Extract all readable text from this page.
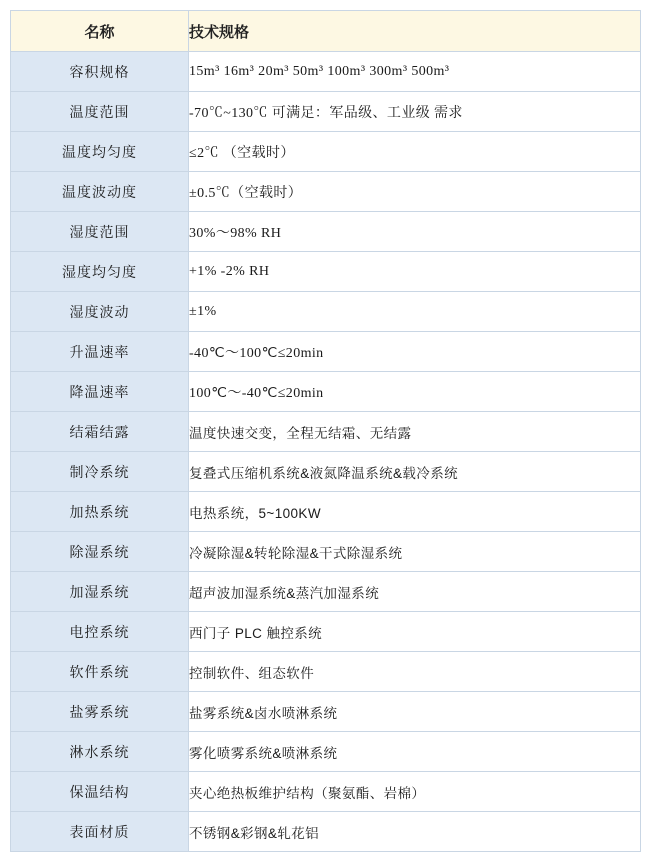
名称	技术规格
容积规格	15m³ 16m³ 20m³ 50m³ 100m³ 300m³ 500m³
温度范围	-70℃~130℃ 可满足：军品级、工业级 需求
温度均匀度	≤2℃ （空载时）
温度波动度	±0.5℃（空载时）
湿度范围	30%～98% RH
湿度均匀度	+1% -2% RH
湿度波动	±1%
升温速率	-40℃～100℃≤20min
降温速率	100℃～-40℃≤20min
结霜结露	温度快速交变，全程无结霜、无结露
制冷系统	复叠式压缩机系统&液氮降温系统&载冷系统
加热系统	电热系统，5~100KW
除湿系统	冷凝除湿&转轮除湿&干式除湿系统
加湿系统	超声波加湿系统&蒸汽加湿系统
电控系统	西门子 PLC 触控系统
软件系统	控制软件、组态软件
盐雾系统	盐雾系统&卤水喷淋系统
淋水系统	雾化喷雾系统&喷淋系统
保温结构	夹心绝热板维护结构（聚氨酯、岩棉）
表面材质	不锈钢&彩钢&轧花铝
